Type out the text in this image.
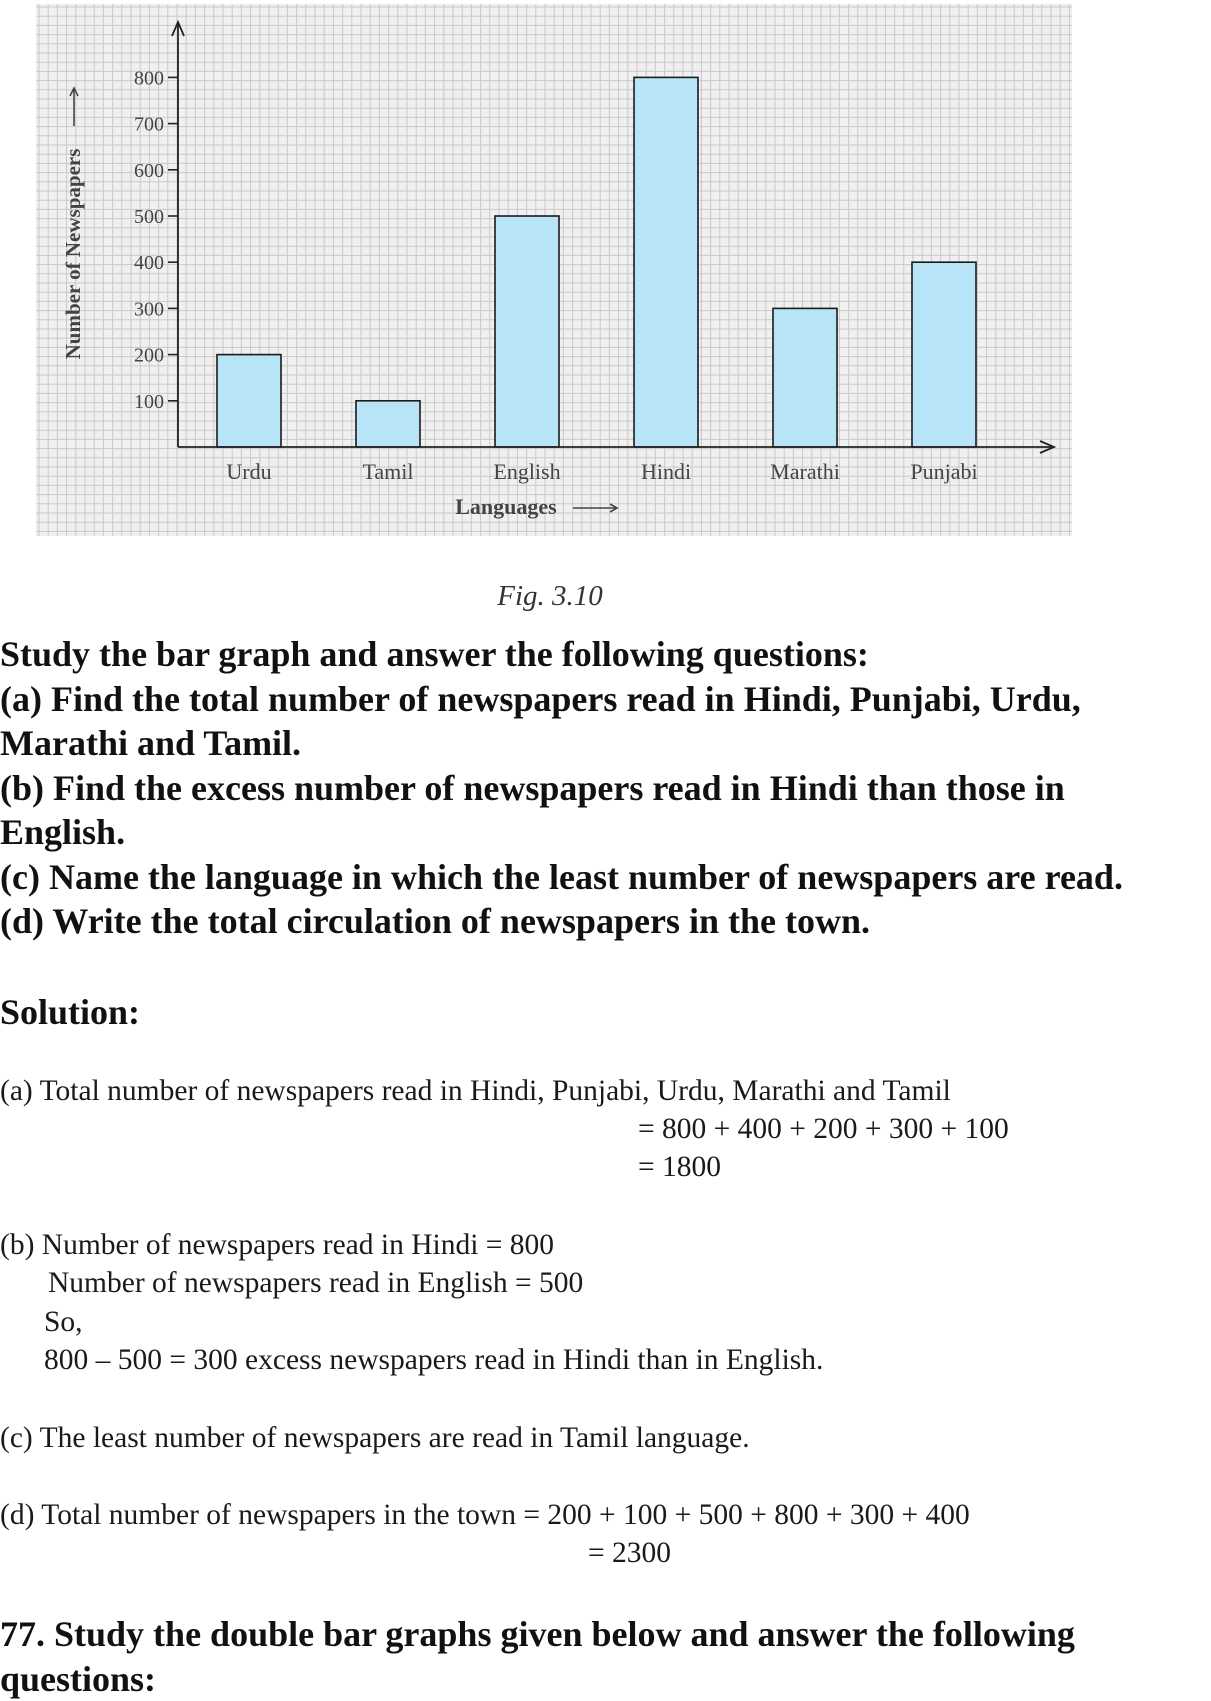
Urdu	Tamil	English	Hindi	Marathi	Punjabi
100
200
300
400
500
600
700
800
Languages
Number of Newspapers
Fig. 3.10
Study the bar graph and answer the following questions:
(a) Find the total number of newspapers read in Hindi, Punjabi, Urdu,
Marathi and Tamil.
(b) Find the excess number of newspapers read in Hindi than those in
English.
(c) Name the language in which the least number of newspapers are read.
(d) Write the total circulation of newspapers in the town.
Solution:
(a) Total number of newspapers read in Hindi, Punjabi, Urdu, Marathi and Tamil
= 800 + 400 + 200 + 300 + 100
= 1800
(b) Number of newspapers read in Hindi = 800
Number of newspapers read in English = 500
So,
800 – 500 = 300 excess newspapers read in Hindi than in English.
(c) The least number of newspapers are read in Tamil language.
(d) Total number of newspapers in the town = 200 + 100 + 500 + 800 + 300 + 400
= 2300
77. Study the double bar graphs given below and answer the following
questions:
